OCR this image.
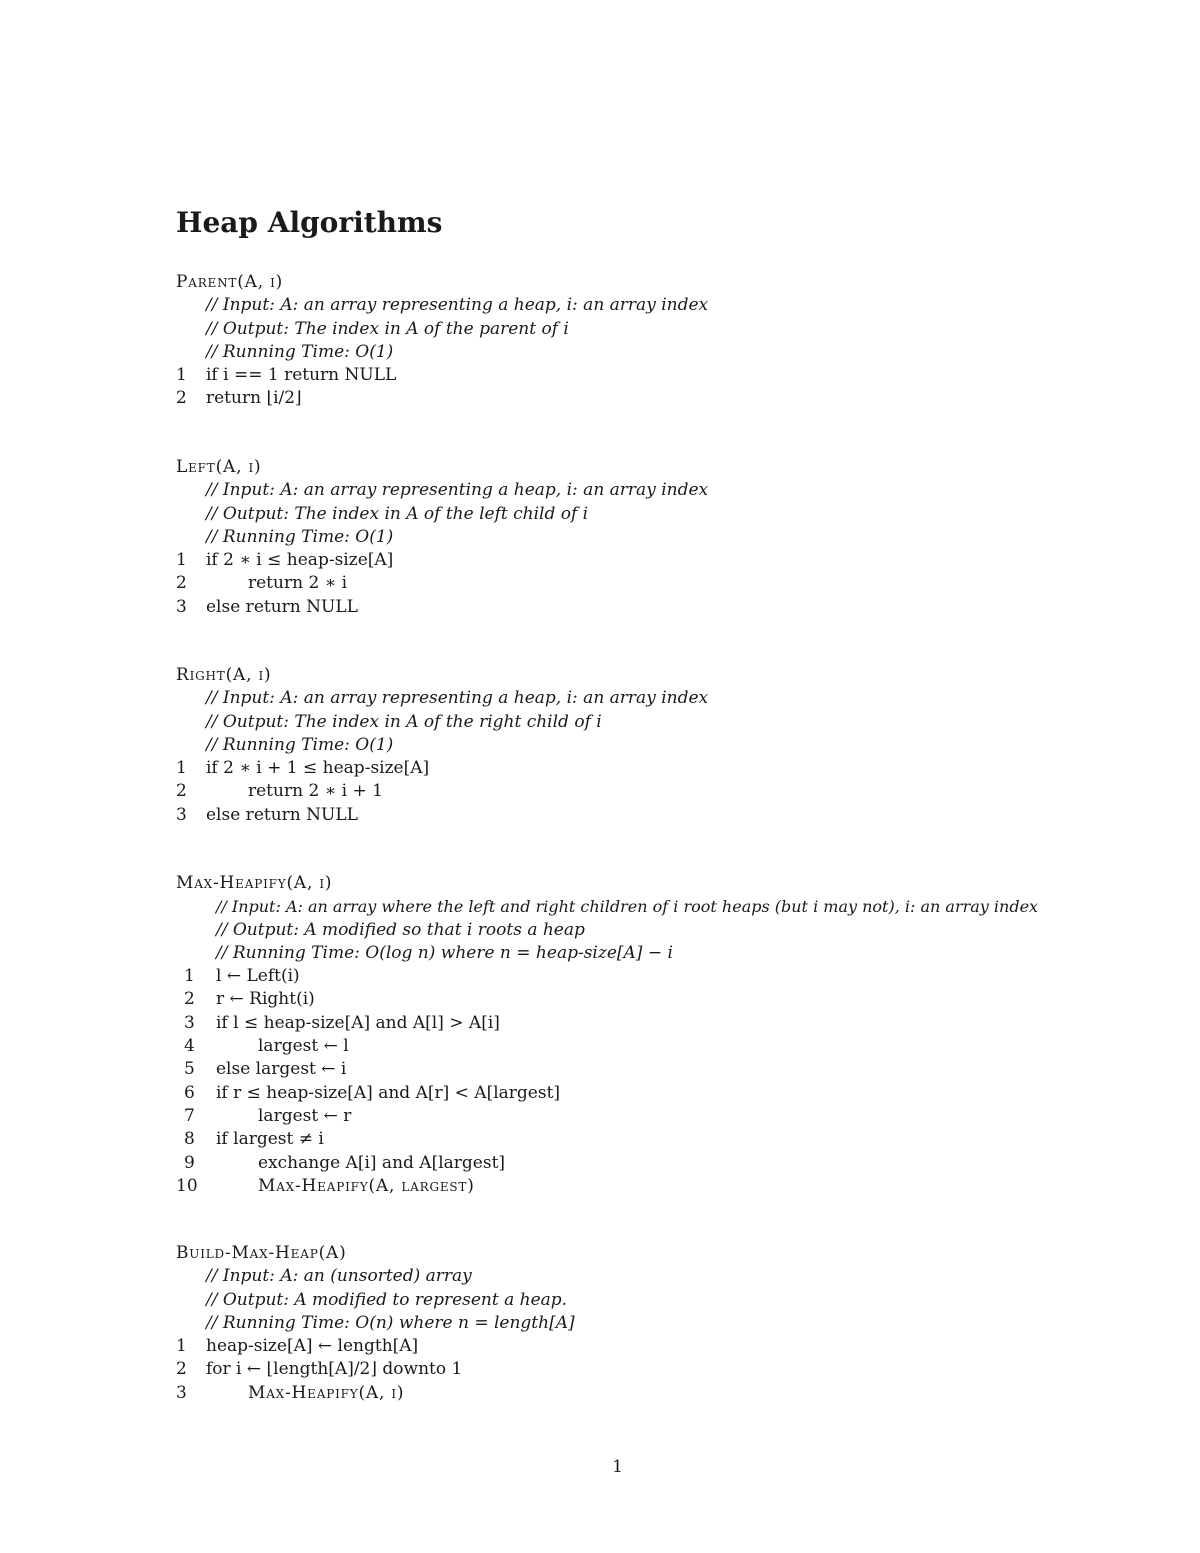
Heap Algorithms
Parent(A, i)
// Input: A: an array representing a heap, i: an array index
// Output: The index in A of the parent of i
// Running Time: O(1)
1 if i == 1 return NULL
2 return ⌊i/2⌋
Left(A, i)
// Input: A: an array representing a heap, i: an array index
// Output: The index in A of the left child of i
// Running Time: O(1)
1 if 2 ∗ i ≤ heap-size[A]
2	return 2 ∗ i
3 else return NULL
Right(A, i)
// Input: A: an array representing a heap, i: an array index
// Output: The index in A of the right child of i
// Running Time: O(1)
1 if 2 ∗ i + 1 ≤ heap-size[A]
2	return 2 ∗ i + 1
3 else return NULL
Max-Heapify(A, i)
// Input: A: an array where the left and right children of i root heaps (but i may not), i: an array index
// Output: A modified so that i roots a heap
// Running Time: O(log n) where n = heap-size[A] − i
1 l ← Left(i)
2 r ← Right(i)
3 if l ≤ heap-size[A] and A[l] > A[i]
4	largest ← l
5 else largest ← i
6 if r ≤ heap-size[A] and A[r] < A[largest]
7	largest ← r
8 if largest ≠ i
9	exchange A[i] and A[largest]
10	Max-Heapify(A, largest)
Build-Max-Heap(A)
// Input: A: an (unsorted) array
// Output: A modified to represent a heap.
// Running Time: O(n) where n = length[A]
1 heap-size[A] ← length[A]
2 for i ← ⌊length[A]/2⌋ downto 1
3	Max-Heapify(A, i)
1
